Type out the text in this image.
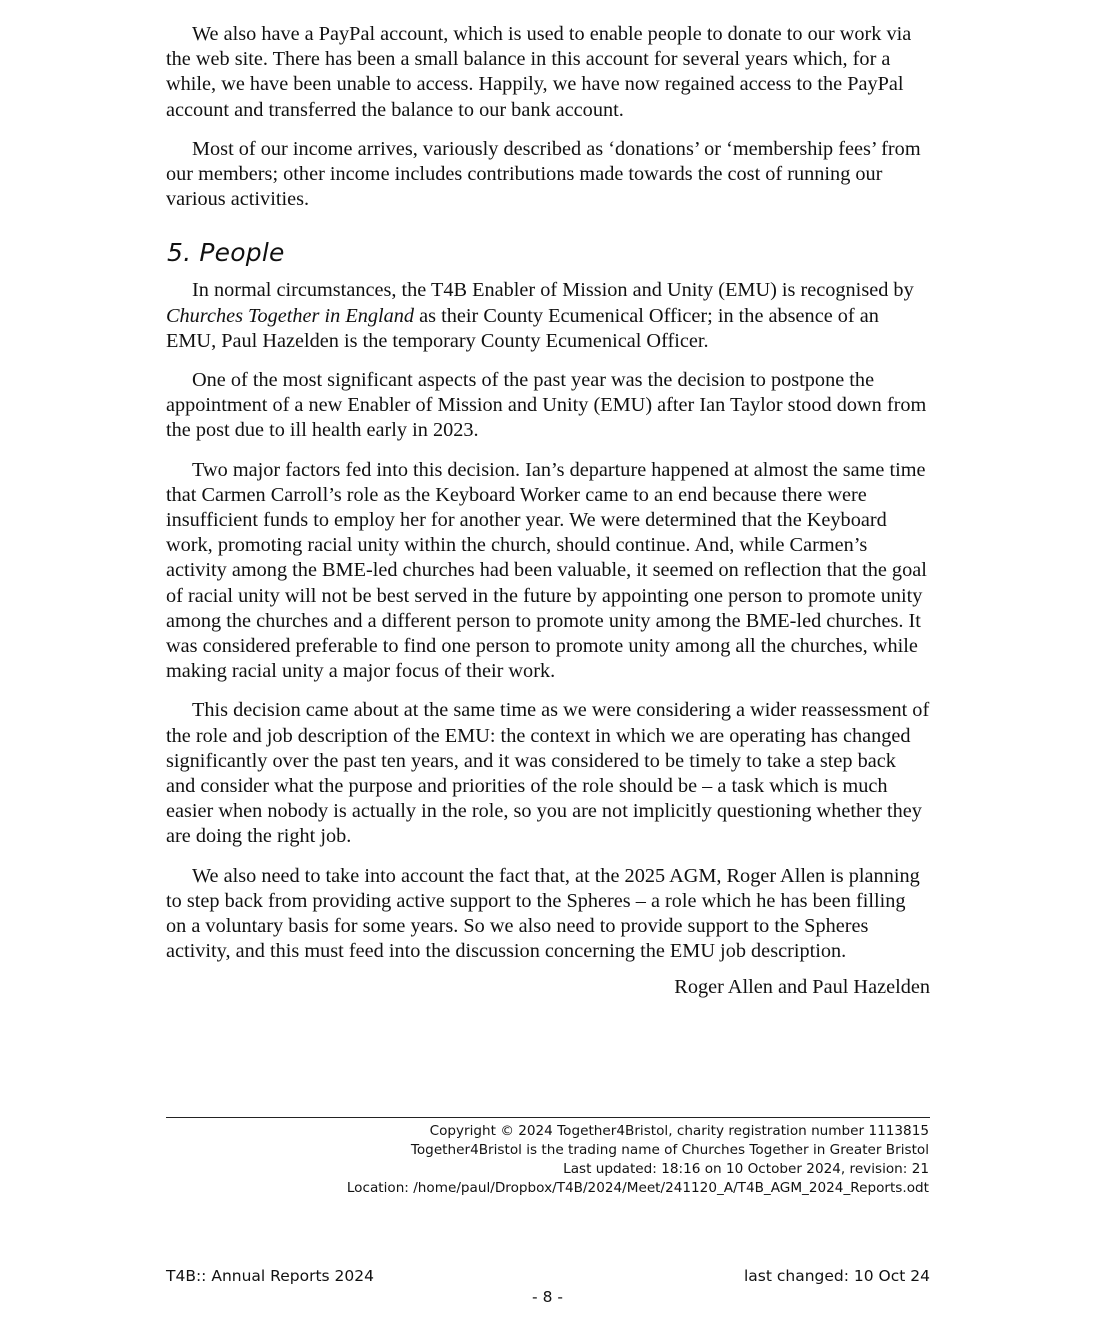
We also have a PayPal account, which is used to enable people to donate to our work via the web site. There has been a small balance in this account for several years which, for a while, we have been unable to access. Happily, we have now regained access to the PayPal account and transferred the balance to our bank account.

Most of our income arrives, variously described as ‘donations’ or ‘membership fees’ from our members; other income includes contributions made towards the cost of running our various activities.

5. People

In normal circumstances, the T4B Enabler of Mission and Unity (EMU) is recognised by Churches Together in England as their County Ecumenical Officer; in the absence of an EMU, Paul Hazelden is the temporary County Ecumenical Officer.

One of the most significant aspects of the past year was the decision to postpone the appointment of a new Enabler of Mission and Unity (EMU) after Ian Taylor stood down from the post due to ill health early in 2023.

Two major factors fed into this decision. Ian’s departure happened at almost the same time that Carmen Carroll’s role as the Keyboard Worker came to an end because there were insufficient funds to employ her for another year. We were determined that the Keyboard work, promoting racial unity within the church, should continue. And, while Carmen’s activity among the BME-led churches had been valuable, it seemed on reflection that the goal of racial unity will not be best served in the future by appointing one person to promote unity among the churches and a different person to promote unity among the BME-led churches. It was considered preferable to find one person to promote unity among all the churches, while making racial unity a major focus of their work.

This decision came about at the same time as we were considering a wider reassessment of the role and job description of the EMU: the context in which we are operating has changed significantly over the past ten years, and it was considered to be timely to take a step back and consider what the purpose and priorities of the role should be – a task which is much easier when nobody is actually in the role, so you are not implicitly questioning whether they are doing the right job.

We also need to take into account the fact that, at the 2025 AGM, Roger Allen is planning to step back from providing active support to the Spheres – a role which he has been filling on a voluntary basis for some years. So we also need to provide support to the Spheres activity, and this must feed into the discussion concerning the EMU job description.

Roger Allen and Paul Hazelden

Copyright © 2024 Together4Bristol, charity registration number 1113815
Together4Bristol is the trading name of Churches Together in Greater Bristol
Last updated: 18:16 on 10 October 2024, revision: 21
Location: /home/paul/Dropbox/T4B/2024/Meet/241120_A/T4B_AGM_2024_Reports.odt
T4B:: Annual Reports 2024	last changed: 10 Oct 24
- 8 -
